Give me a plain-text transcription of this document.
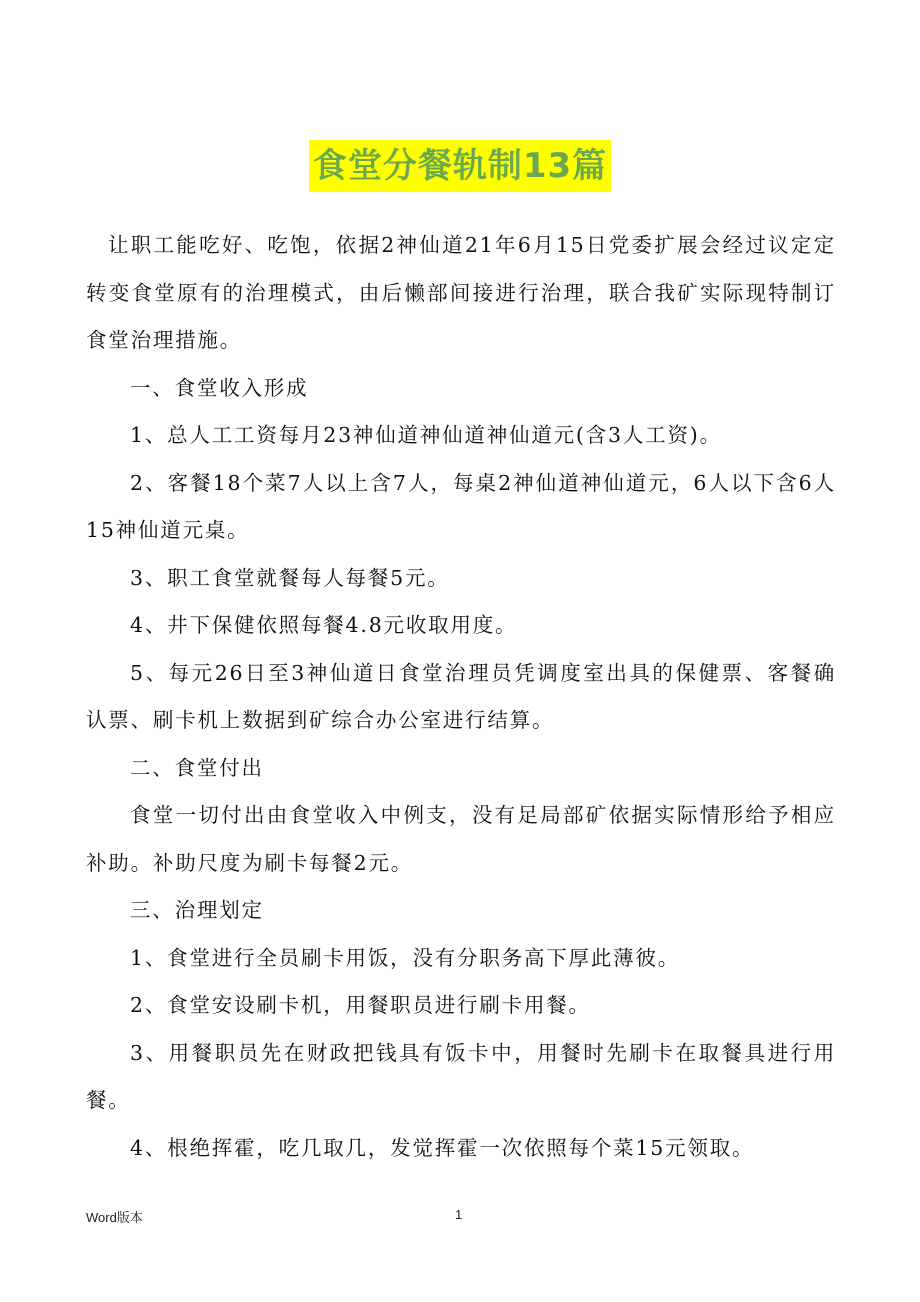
食堂分餐轨制13篇

让职工能吃好、吃饱，依据2神仙道21年6月15日党委扩展会经过议定定转变食堂原有的治理模式，由后懒部间接进行治理，联合我矿实际现特制订食堂治理措施。

一、食堂收入形成

1、总人工工资每月23神仙道神仙道神仙道元(含3人工资)。

2、客餐18个菜7人以上含7人，每桌2神仙道神仙道元，6人以下含6人15神仙道元桌。

3、职工食堂就餐每人每餐5元。

4、井下保健依照每餐4.8元收取用度。

5、每元26日至3神仙道日食堂治理员凭调度室出具的保健票、客餐确认票、刷卡机上数据到矿综合办公室进行结算。

二、食堂付出

食堂一切付出由食堂收入中例支，没有足局部矿依据实际情形给予相应补助。补助尺度为刷卡每餐2元。

三、治理划定

1、食堂进行全员刷卡用饭，没有分职务高下厚此薄彼。

2、食堂安设刷卡机，用餐职员进行刷卡用餐。

3、用餐职员先在财政把钱具有饭卡中，用餐时先刷卡在取餐具进行用餐。

4、根绝挥霍，吃几取几，发觉挥霍一次依照每个菜15元领取。

Word版本	1
